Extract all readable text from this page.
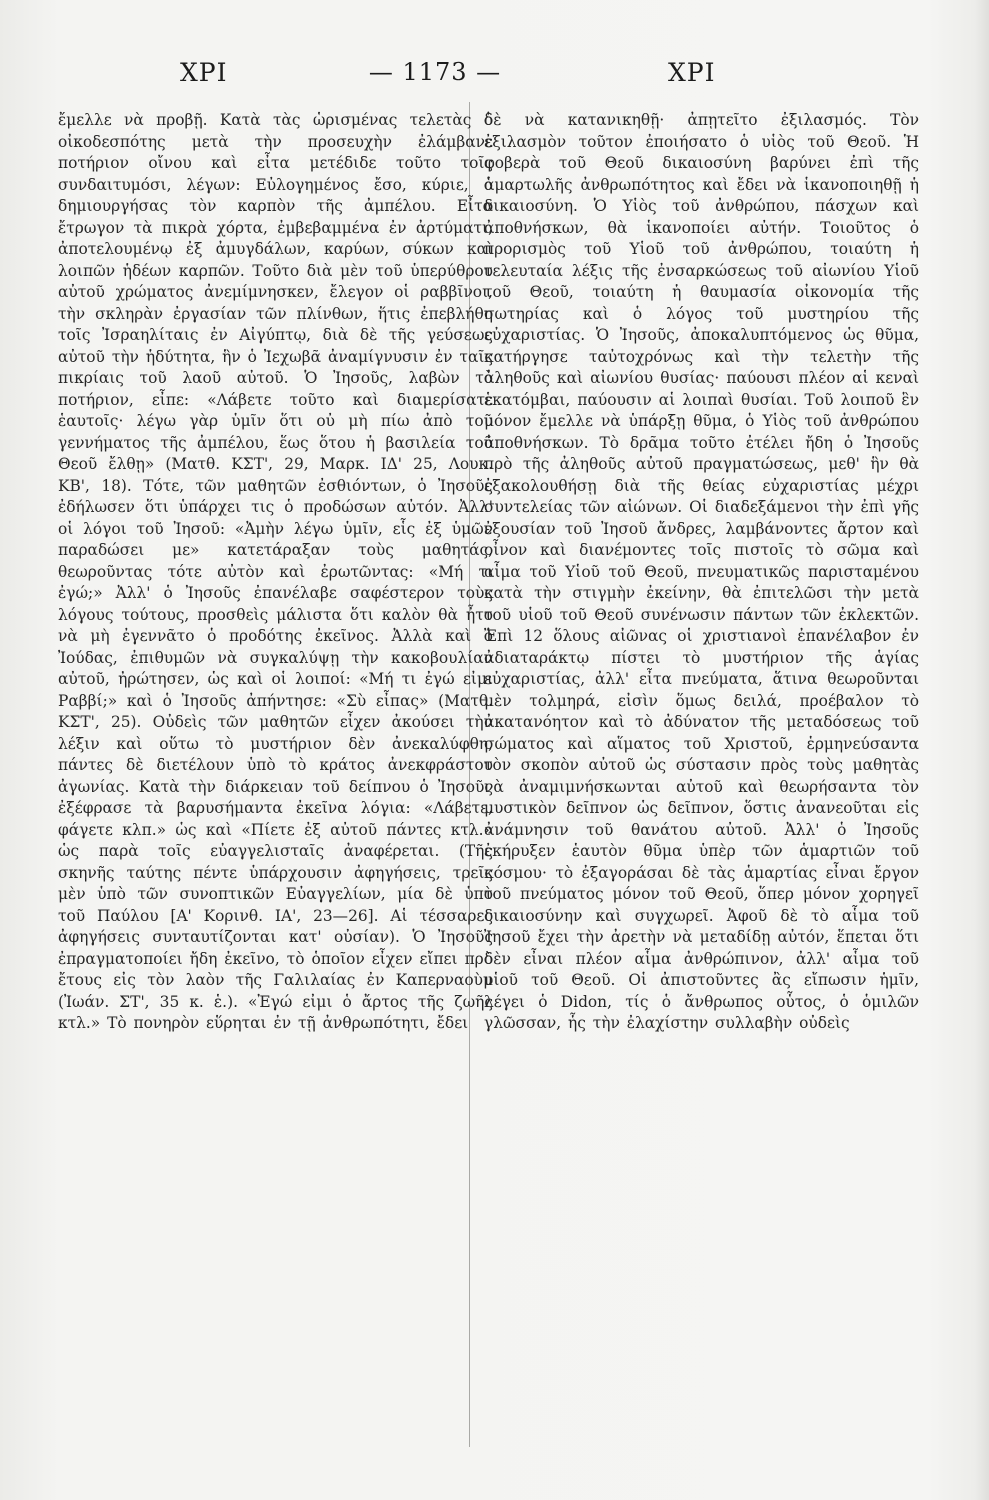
ΧΡΙ	— 1173 —	ΧΡΙ

ἔμελλε νὰ προβῇ. Κατὰ τὰς ὡρισμένας τελετὰς ὁ οἰκοδεσπότης μετὰ τὴν προσευχὴν ἐλάμβανε ποτήριον οἴνου καὶ εἶτα μετέδιδε τοῦτο τοῖς συνδαιτυμόσι, λέγων: Εὐλογημένος ἔσο, κύριε, ὁ δημιουργήσας τὸν καρπὸν τῆς ἀμπέλου. Εἶτα ἔτρωγον τὰ πικρὰ χόρτα, ἐμβεβαμμένα ἐν ἀρτύματι, ἀποτελουμένῳ ἐξ ἀμυγδάλων, καρύων, σύκων καὶ λοιπῶν ἡδέων καρπῶν. Τοῦτο διὰ μὲν τοῦ ὑπερύθρου αὐτοῦ χρώματος ἀνεμίμνησκεν, ἔλεγον οἱ ραββῖνοι, τὴν σκληρὰν ἐργασίαν τῶν πλίνθων, ἥτις ἐπεβλήθη τοῖς Ἰσραηλίταις ἐν Αἰγύπτῳ, διὰ δὲ τῆς γεύσεως αὐτοῦ τὴν ἡδύτητα, ἣν ὁ Ἰεχωβᾶ ἀναμίγνυσιν ἐν ταῖς πικρίαις τοῦ λαοῦ αὐτοῦ. Ὁ Ἰησοῦς, λαβὼν τὸ ποτήριον, εἶπε: «Λάβετε τοῦτο καὶ διαμερίσατε ἑαυτοῖς· λέγω γὰρ ὑμῖν ὅτι οὐ μὴ πίω ἀπὸ τοῦ γεννήματος τῆς ἀμπέλου, ἕως ὅτου ἡ βασιλεία τοῦ Θεοῦ ἔλθῃ» (Ματθ. ΚΣΤ', 29, Μαρκ. ΙΔ' 25, Λουκ. ΚΒ', 18). Τότε, τῶν μαθητῶν ἐσθιόντων, ὁ Ἰησοῦς ἐδήλωσεν ὅτι ὑπάρχει τις ὁ προδώσων αὐτόν. Ἀλλ' οἱ λόγοι τοῦ Ἰησοῦ: «Ἀμὴν λέγω ὑμῖν, εἷς ἐξ ὑμῶν παραδώσει με» κατετάραξαν τοὺς μαθητάς, θεωροῦντας τότε αὐτὸν καὶ ἐρωτῶντας: «Μή τι ἐγώ;» Ἀλλ' ὁ Ἰησοῦς ἐπανέλαβε σαφέστερον τοὺς λόγους τούτους, προσθεὶς μάλιστα ὅτι καλὸν θὰ ἦτο νὰ μὴ ἐγεννᾶτο ὁ προδότης ἐκεῖνος. Ἀλλὰ καὶ ὁ Ἰούδας, ἐπιθυμῶν νὰ συγκαλύψῃ τὴν κακοβουλίαν αὐτοῦ, ἠρώτησεν, ὡς καὶ οἱ λοιποί: «Μή τι ἐγώ εἰμι Ραββί;» καὶ ὁ Ἰησοῦς ἀπήντησε: «Σὺ εἶπας» (Ματθ. ΚΣΤ', 25). Οὐδεὶς τῶν μαθητῶν εἶχεν ἀκούσει τὴν λέξιν καὶ οὕτω τὸ μυστήριον δὲν ἀνεκαλύφθη, πάντες δὲ διετέλουν ὑπὸ τὸ κράτος ἀνεκφράστου ἀγωνίας. Κατὰ τὴν διάρκειαν τοῦ δείπνου ὁ Ἰησοῦς ἐξέφρασε τὰ βαρυσήμαντα ἐκεῖνα λόγια: «Λάβετε, φάγετε κλπ.» ὡς καὶ «Πίετε ἐξ αὐτοῦ πάντες κτλ.» ὡς παρὰ τοῖς εὐαγγελισταῖς ἀναφέρεται. (Τῆς σκηνῆς ταύτης πέντε ὑπάρχουσιν ἀφηγήσεις, τρεῖς μὲν ὑπὸ τῶν συνοπτικῶν Εὐαγγελίων, μία δὲ ὑπὸ τοῦ Παύλου [Α' Κορινθ. ΙΑ', 23—26]. Αἱ τέσσαρες ἀφηγήσεις συνταυτίζονται κατ' οὐσίαν). Ὁ Ἰησοῦς ἐπραγματοποίει ἤδη ἐκεῖνο, τὸ ὁποῖον εἶχεν εἴπει πρὸ ἔτους εἰς τὸν λαὸν τῆς Γαλιλαίας ἐν Καπερναοὺμ (Ἰωάν. ΣΤ', 35 κ. ἑ.). «Ἐγώ εἰμι ὁ ἄρτος τῆς ζωῆς κτλ.» Τὸ πονηρὸν εὕρηται ἐν τῇ ἀνθρωπότητι, ἔδει

δὲ νὰ κατανικηθῇ· ἀπῃτεῖτο ἐξιλασμός. Τὸν ἐξιλασμὸν τοῦτον ἐποιήσατο ὁ υἱὸς τοῦ Θεοῦ. Ἡ φοβερὰ τοῦ Θεοῦ δικαιοσύνη βαρύνει ἐπὶ τῆς ἁμαρτωλῆς ἀνθρωπότητος καὶ ἔδει νὰ ἱκανοποιηθῇ ἡ δικαιοσύνη. Ὁ Υἱὸς τοῦ ἀνθρώπου, πάσχων καὶ ἀποθνήσκων, θὰ ἱκανοποίει αὐτήν. Τοιοῦτος ὁ προρισμὸς τοῦ Υἱοῦ τοῦ ἀνθρώπου, τοιαύτη ἡ τελευταία λέξις τῆς ἐνσαρκώσεως τοῦ αἰωνίου Υἱοῦ τοῦ Θεοῦ, τοιαύτη ἡ θαυμασία οἰκονομία τῆς σωτηρίας καὶ ὁ λόγος τοῦ μυστηρίου τῆς εὐχαριστίας. Ὁ Ἰησοῦς, ἀποκαλυπτόμενος ὡς θῦμα, κατήργησε ταὐτοχρόνως καὶ τὴν τελετὴν τῆς ἀληθοῦς καὶ αἰωνίου θυσίας· παύουσι πλέον αἱ κεναὶ ἑκατόμβαι, παύουσιν αἱ λοιπαὶ θυσίαι. Τοῦ λοιποῦ ἓν μόνον ἔμελλε νὰ ὑπάρξῃ θῦμα, ὁ Υἱὸς τοῦ ἀνθρώπου ἀποθνήσκων. Τὸ δρᾶμα τοῦτο ἐτέλει ἤδη ὁ Ἰησοῦς πρὸ τῆς ἀληθοῦς αὐτοῦ πραγματώσεως, μεθ' ἣν θὰ ἐξακολουθήσῃ διὰ τῆς θείας εὐχαριστίας μέχρι συντελείας τῶν αἰώνων. Οἱ διαδεξάμενοι τὴν ἐπὶ γῆς ἐξουσίαν τοῦ Ἰησοῦ ἄνδρες, λαμβάνοντες ἄρτον καὶ οἶνον καὶ διανέμοντες τοῖς πιστοῖς τὸ σῶμα καὶ αἷμα τοῦ Υἱοῦ τοῦ Θεοῦ, πνευματικῶς παρισταμένου κατὰ τὴν στιγμὴν ἐκείνην, θὰ ἐπιτελῶσι τὴν μετὰ τοῦ υἱοῦ τοῦ Θεοῦ συνένωσιν πάντων τῶν ἐκλεκτῶν. Ἐπὶ 12 ὅλους αἰῶνας οἱ χριστιανοὶ ἐπανέλαβον ἐν ἀδιαταράκτῳ πίστει τὸ μυστήριον τῆς ἁγίας εὐχαριστίας, ἀλλ' εἶτα πνεύματα, ἅτινα θεωροῦνται μὲν τολμηρά, εἰσὶν ὅμως δειλά, προέβαλον τὸ ἀκατανόητον καὶ τὸ ἀδύνατον τῆς μεταδόσεως τοῦ σώματος καὶ αἵματος τοῦ Χριστοῦ, ἑρμηνεύσαντα τὸν σκοπὸν αὐτοῦ ὡς σύστασιν πρὸς τοὺς μαθητὰς νὰ ἀναμιμνήσκωνται αὐτοῦ καὶ θεωρήσαντα τὸν μυστικὸν δεῖπνον ὡς δεῖπνον, ὅστις ἀνανεοῦται εἰς ἀνάμνησιν τοῦ θανάτου αὐτοῦ. Ἀλλ' ὁ Ἰησοῦς ἐκήρυξεν ἑαυτὸν θῦμα ὑπὲρ τῶν ἁμαρτιῶν τοῦ κόσμου· τὸ ἐξαγοράσαι δὲ τὰς ἁμαρτίας εἶναι ἔργον τοῦ πνεύματος μόνον τοῦ Θεοῦ, ὅπερ μόνον χορηγεῖ δικαιοσύνην καὶ συγχωρεῖ. Ἀφοῦ δὲ τὸ αἷμα τοῦ Ἰησοῦ ἔχει τὴν ἀρετὴν νὰ μεταδίδῃ αὐτόν, ἕπεται ὅτι δὲν εἶναι πλέον αἷμα ἀνθρώπινον, ἀλλ' αἷμα τοῦ υἱοῦ τοῦ Θεοῦ. Οἱ ἀπιστοῦντες ἂς εἴπωσιν ἡμῖν, λέγει ὁ Didon, τίς ὁ ἄνθρωπος οὗτος, ὁ ὁμιλῶν γλῶσσαν, ἧς τὴν ἐλαχίστην συλλαβὴν οὐδεὶς
